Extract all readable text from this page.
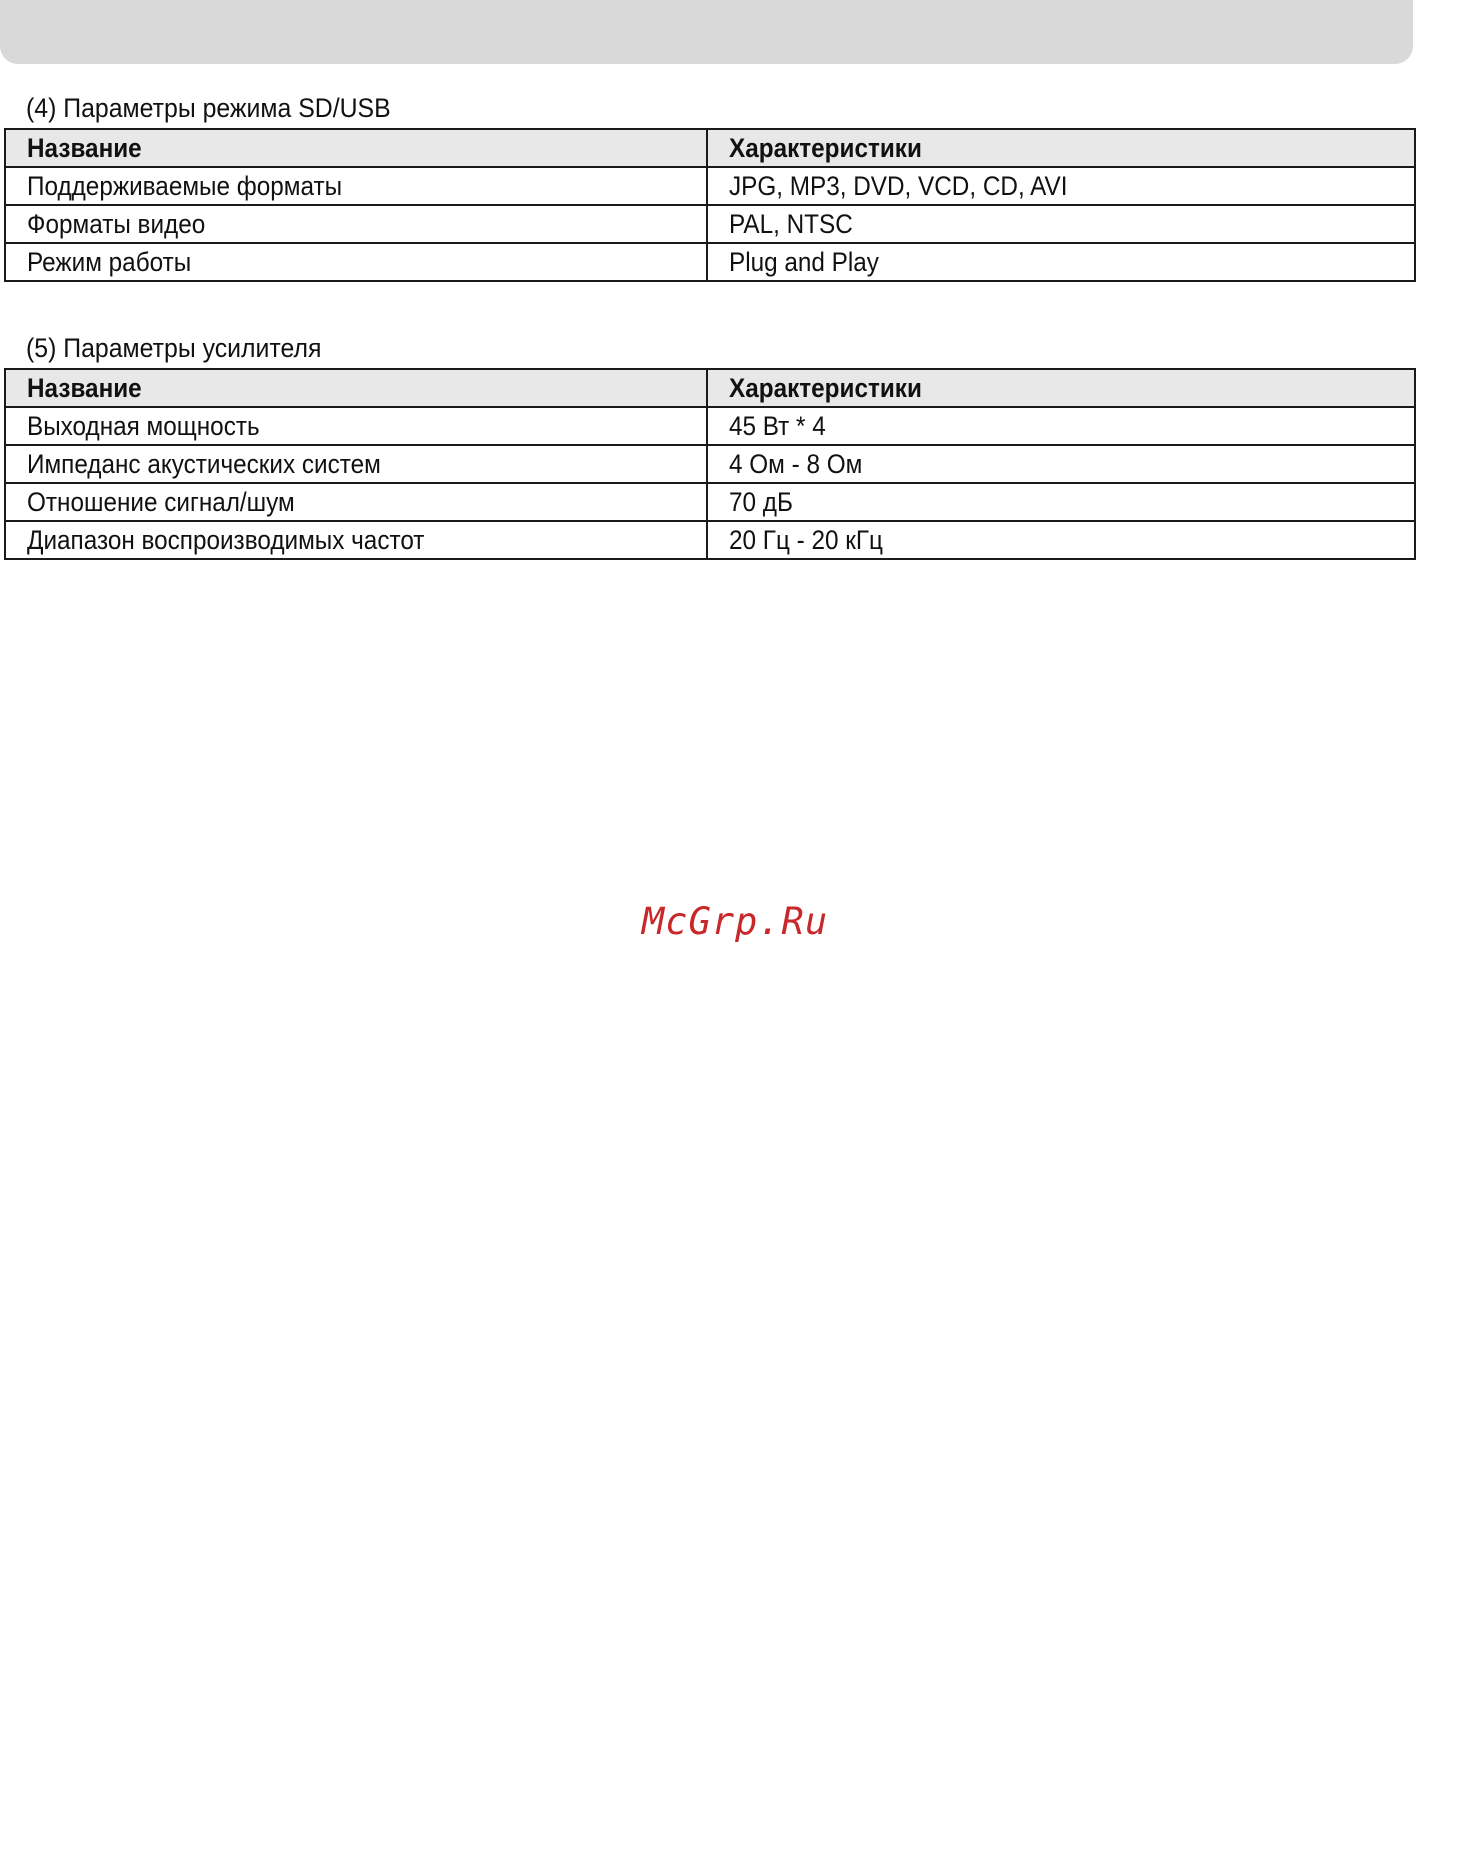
(4) Параметры режима SD/USB
Название	Характеристики
Поддерживаемые форматы	JPG, MP3, DVD, VCD, CD, AVI
Форматы видео	PAL, NTSC
Режим работы	Plug and Play
(5) Параметры усилителя
Название	Характеристики
Выходная мощность	45 Вт * 4
Импеданс акустических систем	4 Ом - 8 Ом
Отношение сигнал/шум	70 дБ
Диапазон воспроизводимых частот	20 Гц - 20 кГц
McGrp.Ru
